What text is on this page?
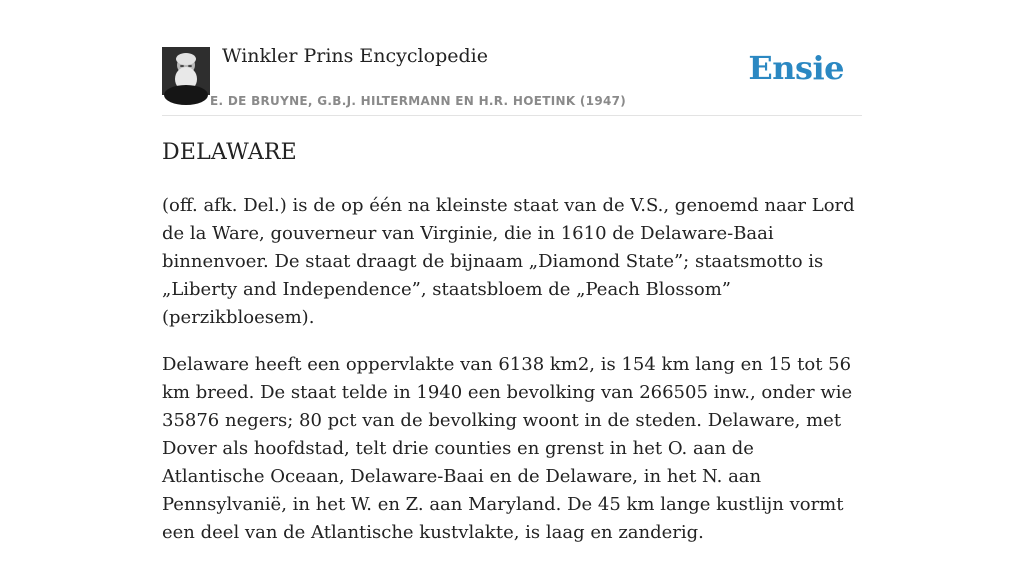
Winkler Prins Encyclopedie
E. DE BRUYNE, G.B.J. HILTERMANN EN H.R. HOETINK (1947)
Ensie
DELAWARE

(off. afk. Del.) is de op één na kleinste staat van de V.S., genoemd naar Lord de la Ware, gouverneur van Virginie, die in 1610 de Delaware-Baai binnenvoer. De staat draagt de bijnaam „Diamond State”; staatsmotto is „Liberty and Independence”, staatsbloem de „Peach Blossom” (perzikbloesem).

Delaware heeft een oppervlakte van 6138 km2, is 154 km lang en 15 tot 56 km breed. De staat telde in 1940 een bevolking van 266505 inw., onder wie 35876 negers; 80 pct van de bevolking woont in de steden. Delaware, met Dover als hoofdstad, telt drie counties en grenst in het O. aan de Atlantische Oceaan, Delaware-Baai en de Delaware, in het N. aan Pennsylvanië, in het W. en Z. aan Maryland. De 45 km lange kustlijn vormt een deel van de Atlantische kustvlakte, is laag en zanderig.
